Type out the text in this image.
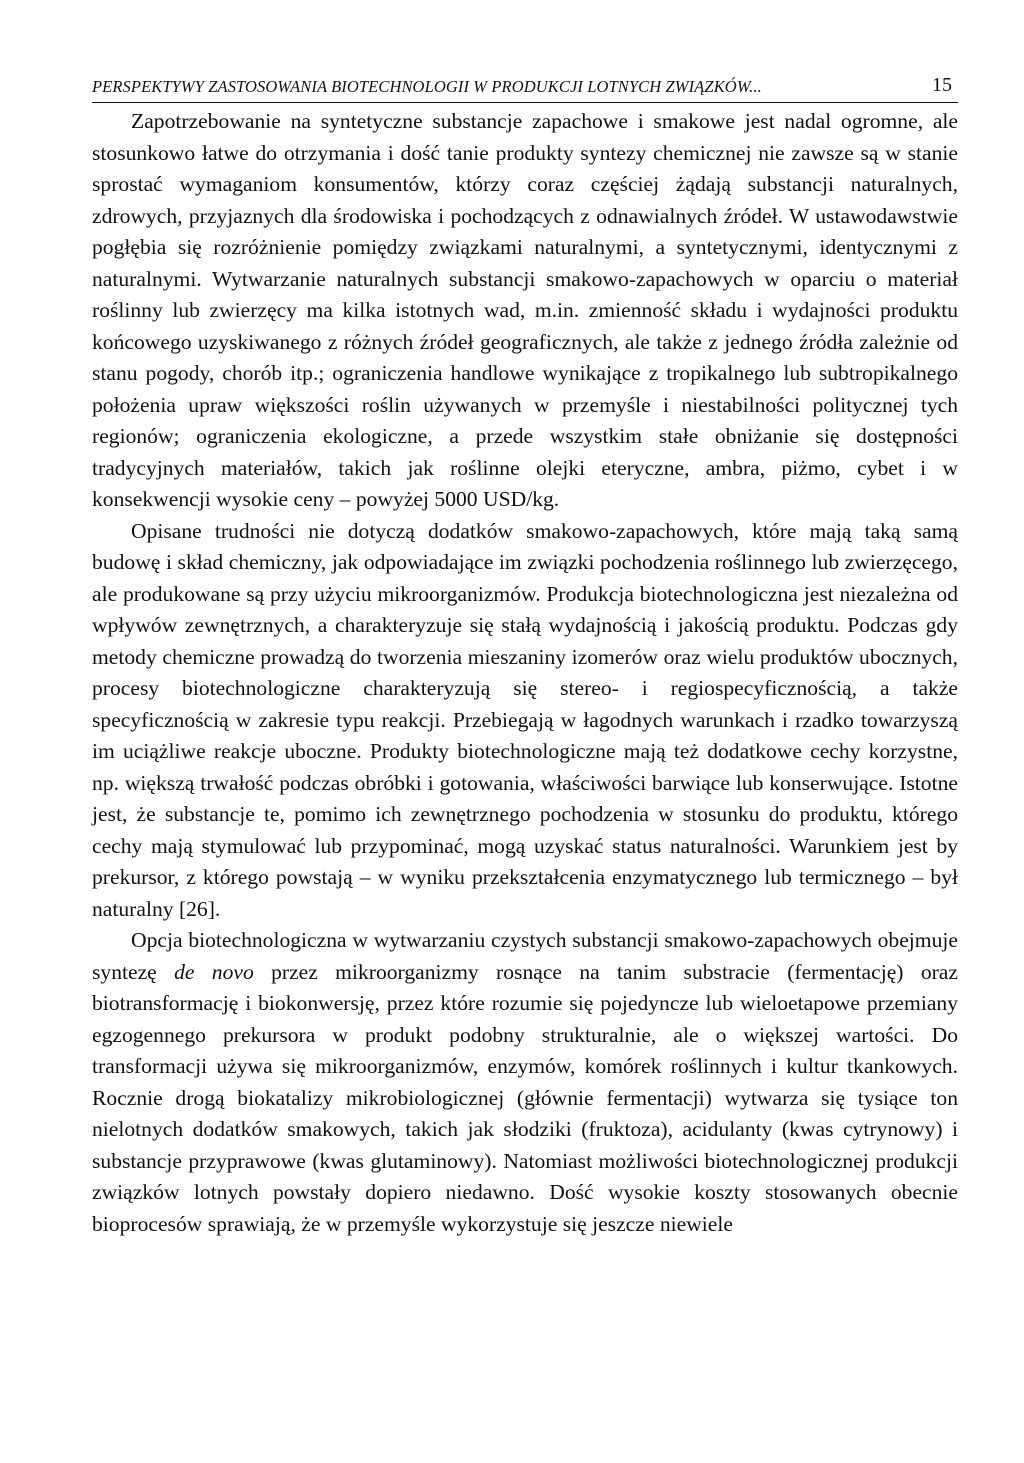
PERSPEKTYWY ZASTOSOWANIA BIOTECHNOLOGII W PRODUKCJI LOTNYCH ZWIĄZKÓW...	15

Zapotrzebowanie na syntetyczne substancje zapachowe i smakowe jest nadal ogromne, ale stosunkowo łatwe do otrzymania i dość tanie produkty syntezy chemicznej nie zawsze są w stanie sprostać wymaganiom konsumentów, którzy coraz częściej żądają substancji naturalnych, zdrowych, przyjaznych dla środowiska i pochodzących z odnawialnych źródeł. W ustawodawstwie pogłębia się rozróżnienie pomiędzy związkami naturalnymi, a syntetycznymi, identycznymi z naturalnymi. Wytwarzanie naturalnych substancji smakowo-zapachowych w oparciu o materiał roślinny lub zwierzęcy ma kilka istotnych wad, m.in. zmienność składu i wydajności produktu końcowego uzyskiwanego z różnych źródeł geograficznych, ale także z jednego źródła zależnie od stanu pogody, chorób itp.; ograniczenia handlowe wynikające z tropikalnego lub subtropikalnego położenia upraw większości roślin używanych w przemyśle i niestabilności politycznej tych regionów; ograniczenia ekologiczne, a przede wszystkim stałe obniżanie się dostępności tradycyjnych materiałów, takich jak roślinne olejki eteryczne, ambra, piżmo, cybet i w konsekwencji wysokie ceny – powyżej 5000 USD/kg.

Opisane trudności nie dotyczą dodatków smakowo-zapachowych, które mają taką samą budowę i skład chemiczny, jak odpowiadające im związki pochodzenia roślinnego lub zwierzęcego, ale produkowane są przy użyciu mikroorganizmów. Produkcja biotechnologiczna jest niezależna od wpływów zewnętrznych, a charakteryzuje się stałą wydajnością i jakością produktu. Podczas gdy metody chemiczne prowadzą do tworzenia mieszaniny izomerów oraz wielu produktów ubocznych, procesy biotechnologiczne charakteryzują się stereo- i regiospecyficznością, a także specyficznością w zakresie typu reakcji. Przebiegają w łagodnych warunkach i rzadko towarzyszą im uciążliwe reakcje uboczne. Produkty biotechnologiczne mają też dodatkowe cechy korzystne, np. większą trwałość podczas obróbki i gotowania, właściwości barwiące lub konserwujące. Istotne jest, że substancje te, pomimo ich zewnętrznego pochodzenia w stosunku do produktu, którego cechy mają stymulować lub przypominać, mogą uzyskać status naturalności. Warunkiem jest by prekursor, z którego powstają – w wyniku przekształcenia enzymatycznego lub termicznego – był naturalny [26].

Opcja biotechnologiczna w wytwarzaniu czystych substancji smakowo-zapachowych obejmuje syntezę de novo przez mikroorganizmy rosnące na tanim substracie (fermentację) oraz biotransformację i biokonwersję, przez które rozumie się pojedyncze lub wieloetapowe przemiany egzogennego prekursora w produkt podobny strukturalnie, ale o większej wartości. Do transformacji używa się mikroorganizmów, enzymów, komórek roślinnych i kultur tkankowych. Rocznie drogą biokatalizy mikrobiologicznej (głównie fermentacji) wytwarza się tysiące ton nielotnych dodatków smakowych, takich jak słodziki (fruktoza), acidulanty (kwas cytrynowy) i substancje przyprawowe (kwas glutaminowy). Natomiast możliwości biotechnologicznej produkcji związków lotnych powstały dopiero niedawno. Dość wysokie koszty stosowanych obecnie bioprocesów sprawiają, że w przemyśle wykorzystuje się jeszcze niewiele
